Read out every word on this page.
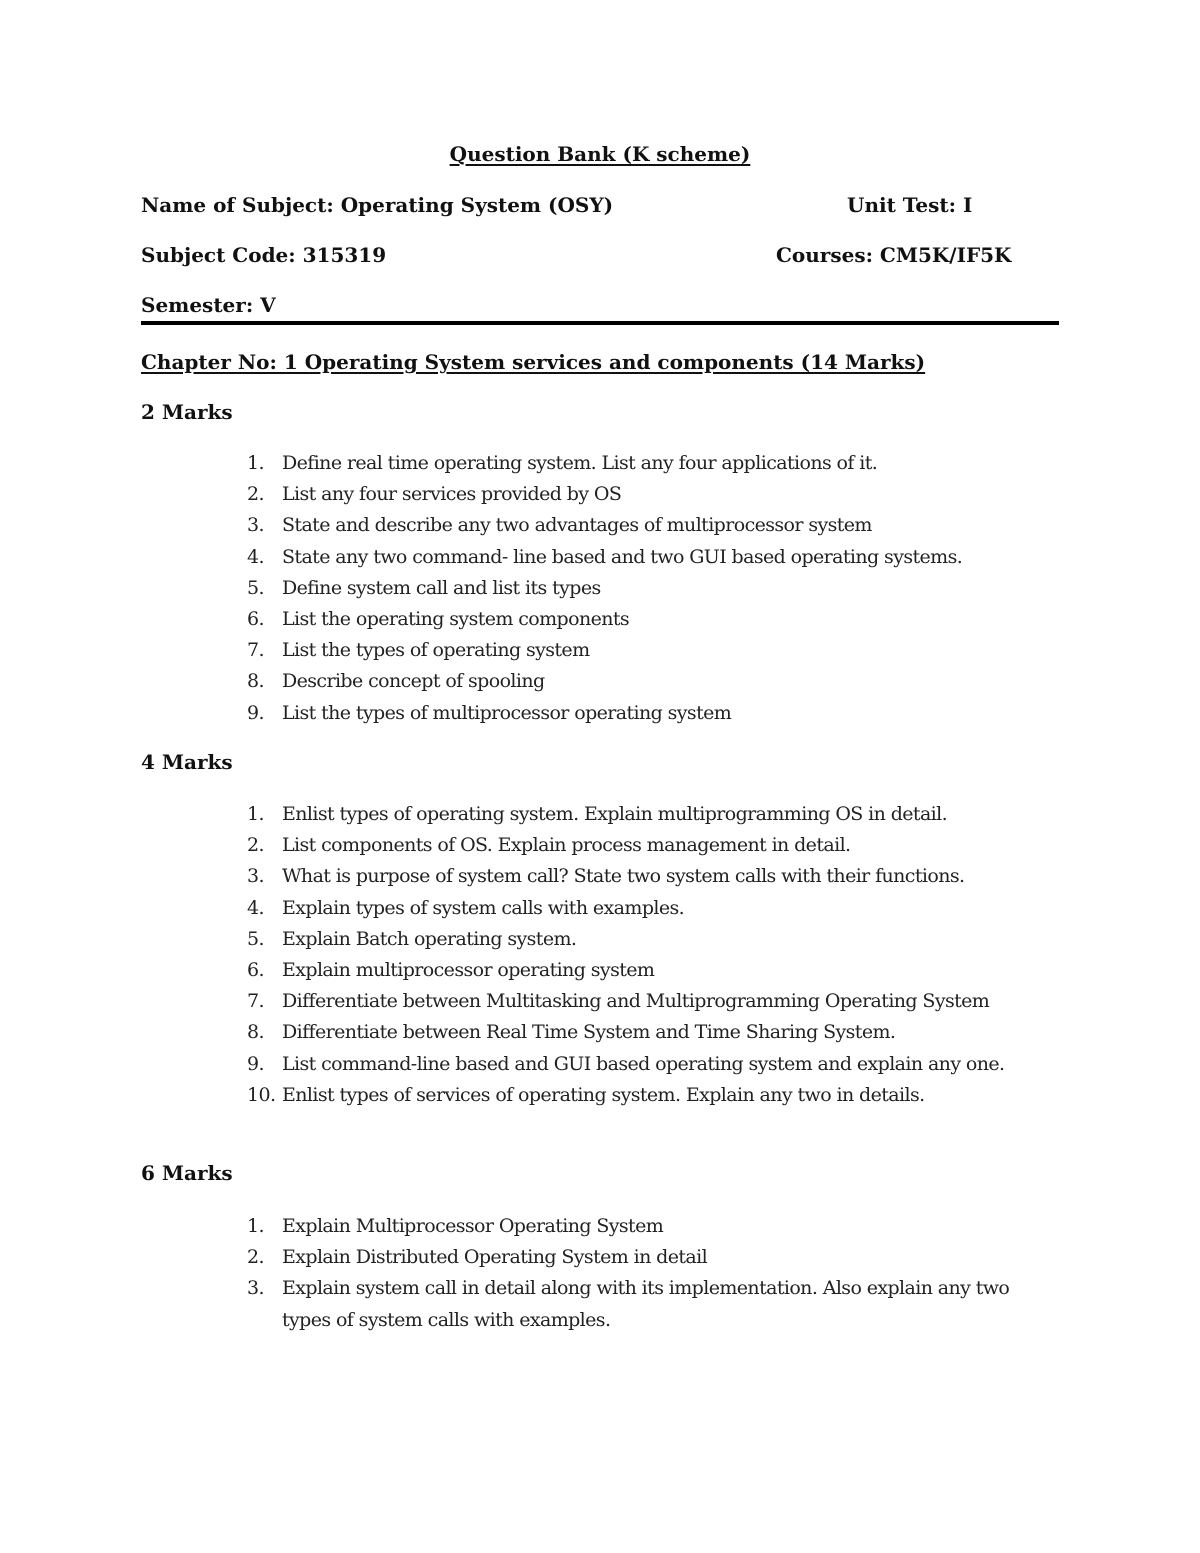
Question Bank (K scheme)
Name of Subject: Operating System (OSY)	Unit Test: I
Subject Code: 315319	Courses: CM5K/IF5K
Semester: V
Chapter No: 1 Operating System services and components (14 Marks)
2 Marks
1. Define real time operating system. List any four applications of it.
2. List any four services provided by OS
3. State and describe any two advantages of multiprocessor system
4. State any two command- line based and two GUI based operating systems.
5. Define system call and list its types
6. List the operating system components
7. List the types of operating system
8. Describe concept of spooling
9. List the types of multiprocessor operating system
4 Marks
1. Enlist types of operating system. Explain multiprogramming OS in detail.
2. List components of OS. Explain process management in detail.
3. What is purpose of system call? State two system calls with their functions.
4. Explain types of system calls with examples.
5. Explain Batch operating system.
6. Explain multiprocessor operating system
7. Differentiate between Multitasking and Multiprogramming Operating System
8. Differentiate between Real Time System and Time Sharing System.
9. List command-line based and GUI based operating system and explain any one.
10. Enlist types of services of operating system. Explain any two in details.
6 Marks
1. Explain Multiprocessor Operating System
2. Explain Distributed Operating System in detail
3. Explain system call in detail along with its implementation. Also explain any two types of system calls with examples.
